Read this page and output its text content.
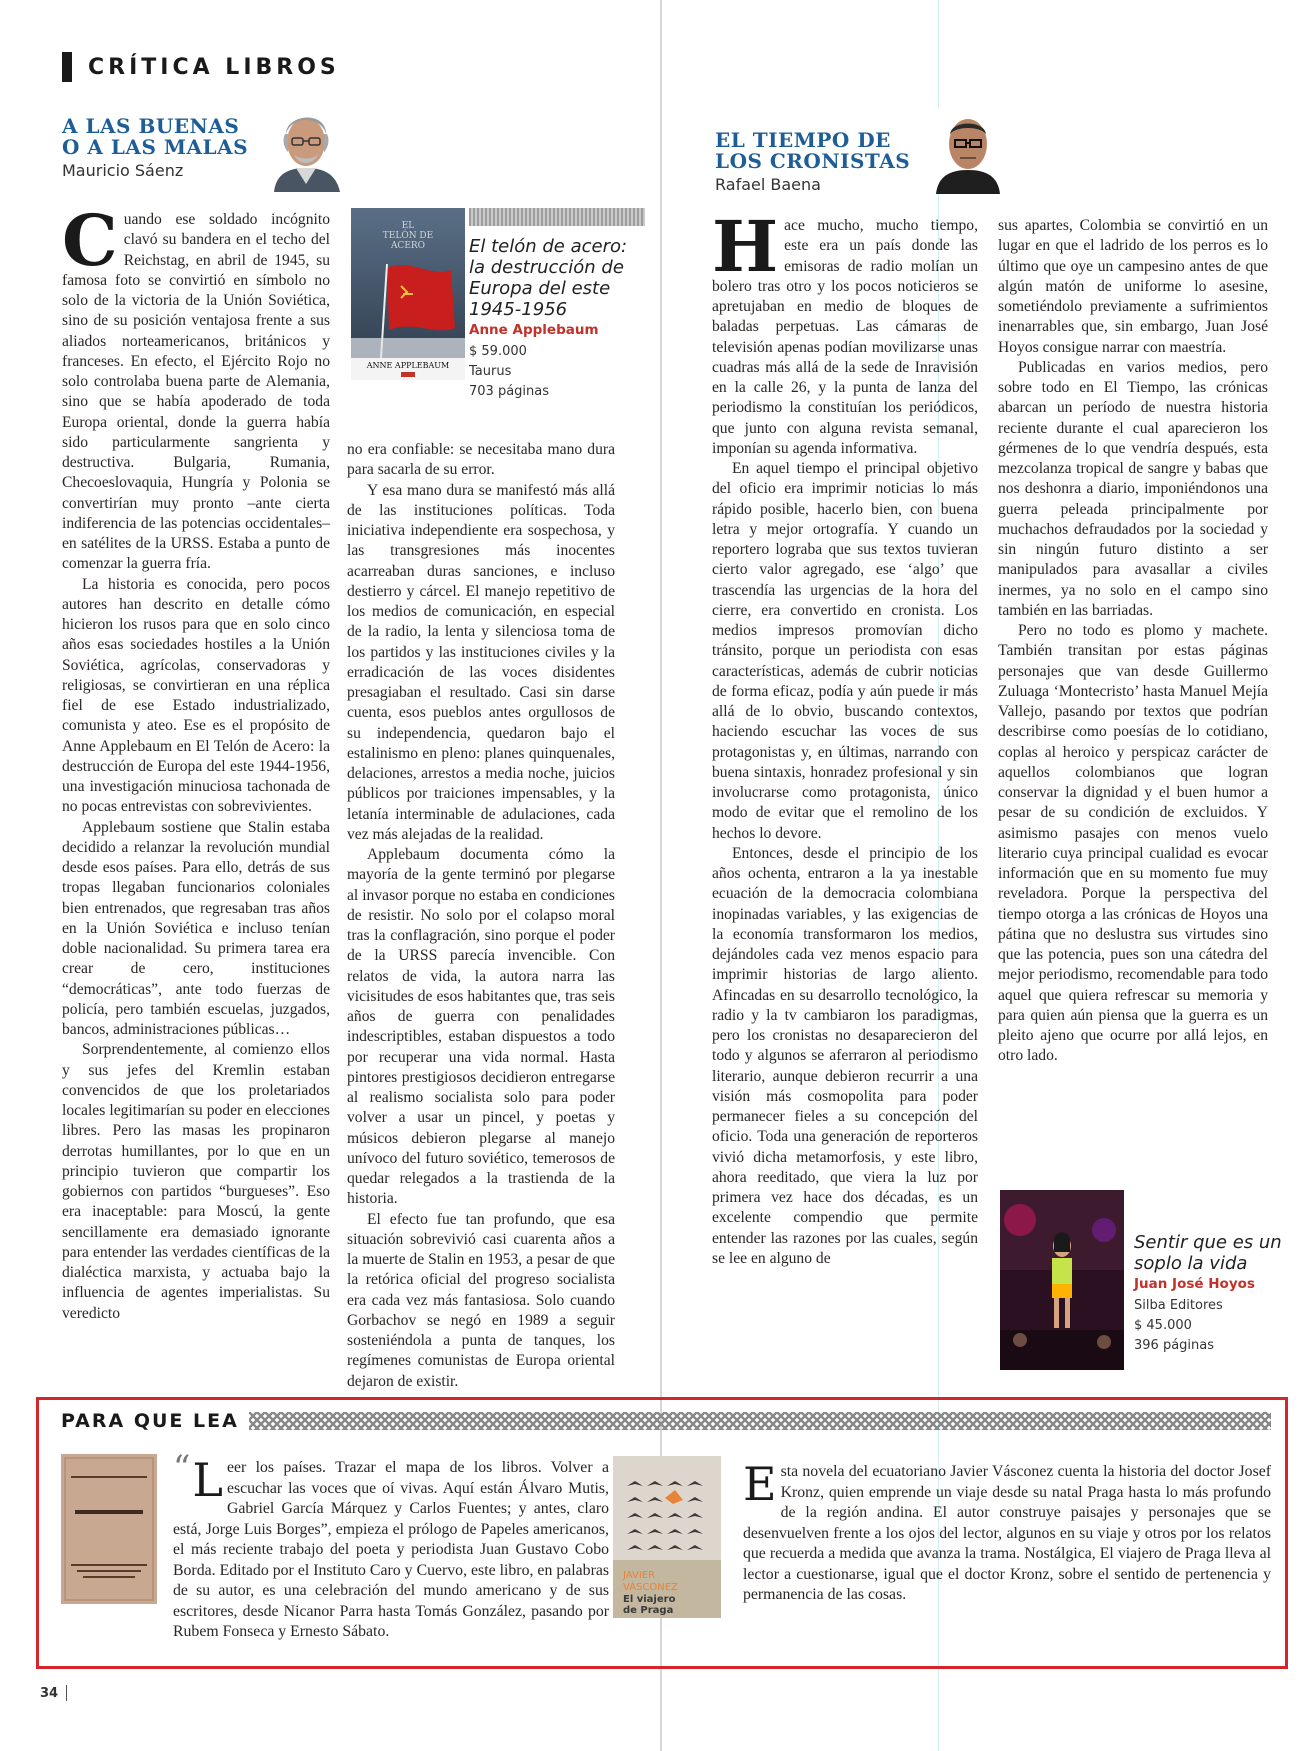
CRÍTICA LIBROS
A LAS BUENAS O A LAS MALAS
Mauricio Sáenz

Cuando ese soldado incógnito clavó su bandera en el techo del Reichstag, en abril de 1945, su famosa foto se convirtió en símbolo no solo de la victoria de la Unión Soviética, sino de su posición ventajosa frente a sus aliados norteamericanos, británicos y franceses. En efecto, el Ejército Rojo no solo controlaba buena parte de Alemania, sino que se había apoderado de toda Europa oriental, donde la guerra había sido particularmente sangrienta y destructiva. Bulgaria, Rumania, Checoeslovaquia, Hungría y Polonia se convertirían muy pronto –ante cierta indiferencia de las potencias occidentales– en satélites de la URSS. Estaba a punto de comenzar la guerra fría.

La historia es conocida, pero pocos autores han descrito en detalle cómo hicieron los rusos para que en solo cinco años esas sociedades hostiles a la Unión Soviética, agrícolas, conservadoras y religiosas, se convirtieran en una réplica fiel de ese Estado industrializado, comunista y ateo. Ese es el propósito de Anne Applebaum en El Telón de Acero: la destrucción de Europa del este 1944-1956, una investigación minuciosa tachonada de no pocas entrevistas con sobrevivientes.

Applebaum sostiene que Stalin estaba decidido a relanzar la revolución mundial desde esos países. Para ello, detrás de sus tropas llegaban funcionarios coloniales bien entrenados, que regresaban tras años en la Unión Soviética e incluso tenían doble nacionalidad. Su primera tarea era crear de cero, instituciones “democráticas”, ante todo fuerzas de policía, pero también escuelas, juzgados, bancos, administraciones públicas…

Sorprendentemente, al comienzo ellos y sus jefes del Kremlin estaban convencidos de que los proletariados locales legitimarían su poder en elecciones libres. Pero las masas les propinaron derrotas humillantes, por lo que en un principio tuvieron que compartir los gobiernos con partidos “burgueses”. Eso era inaceptable: para Moscú, la gente sencillamente era demasiado ignorante para entender las verdades científicas de la dialéctica marxista, y actuaba bajo la influencia de agentes imperialistas. Su veredicto

EL
TELÓN DE
ACERO
ANNE APPLEBAUM
El telón de acero: la destrucción de Europa del este 1945-1956
Anne Applebaum
$ 59.000
Taurus
703 páginas

no era confiable: se necesitaba mano dura para sacarla de su error.

Y esa mano dura se manifestó más allá de las instituciones políticas. Toda iniciativa independiente era sospechosa, y las transgresiones más inocentes acarreaban duras sanciones, e incluso destierro y cárcel. El manejo repetitivo de los medios de comunicación, en especial de la radio, la lenta y silenciosa toma de los partidos y las instituciones civiles y la erradicación de las voces disidentes presagiaban el resultado. Casi sin darse cuenta, esos pueblos antes orgullosos de su independencia, quedaron bajo el estalinismo en pleno: planes quinquenales, delaciones, arrestos a media noche, juicios públicos por traiciones impensables, y la letanía interminable de adulaciones, cada vez más alejadas de la realidad.

Applebaum documenta cómo la mayoría de la gente terminó por plegarse al invasor porque no estaba en condiciones de resistir. No solo por el colapso moral tras la conflagración, sino porque el poder de la URSS parecía invencible. Con relatos de vida, la autora narra las vicisitudes de esos habitantes que, tras seis años de guerra con penalidades indescriptibles, estaban dispuestos a todo por recuperar una vida normal. Hasta pintores prestigiosos decidieron entregarse al realismo socialista solo para poder volver a usar un pincel, y poetas y músicos debieron plegarse al manejo unívoco del futuro soviético, temerosos de quedar relegados a la trastienda de la historia.

El efecto fue tan profundo, que esa situación sobrevivió casi cuarenta años a la muerte de Stalin en 1953, a pesar de que la retórica oficial del progreso socialista era cada vez más fantasiosa. Solo cuando Gorbachov se negó en 1989 a seguir sosteniéndola a punta de tanques, los regímenes comunistas de Europa oriental dejaron de existir.

EL TIEMPO DE LOS CRONISTAS
Rafael Baena

Hace mucho, mucho tiempo, este era un país donde las emisoras de radio molían un bolero tras otro y los pocos noticieros se apretujaban en medio de bloques de baladas perpetuas. Las cámaras de televisión apenas podían movilizarse unas cuadras más allá de la sede de Inravisión en la calle 26, y la punta de lanza del periodismo la constituían los periódicos, que junto con alguna revista semanal, imponían su agenda informativa.

En aquel tiempo el principal objetivo del oficio era imprimir noticias lo más rápido posible, hacerlo bien, con buena letra y mejor ortografía. Y cuando un reportero lograba que sus textos tuvieran cierto valor agregado, ese ‘algo’ que trascendía las urgencias de la hora del cierre, era convertido en cronista. Los medios impresos promovían dicho tránsito, porque un periodista con esas características, además de cubrir noticias de forma eficaz, podía y aún puede ir más allá de lo obvio, buscando contextos, haciendo escuchar las voces de sus protagonistas y, en últimas, narrando con buena sintaxis, honradez profesional y sin involucrarse como protagonista, único modo de evitar que el remolino de los hechos lo devore.

Entonces, desde el principio de los años ochenta, entraron a la ya inestable ecuación de la democracia colombiana inopinadas variables, y las exigencias de la economía transformaron los medios, dejándoles cada vez menos espacio para imprimir historias de largo aliento. Afincadas en su desarrollo tecnológico, la radio y la tv cambiaron los paradigmas, pero los cronistas no desaparecieron del todo y algunos se aferraron al periodismo literario, aunque debieron recurrir a una visión más cosmopolita para poder permanecer fieles a su concepción del oficio. Toda una generación de reporteros vivió dicha metamorfosis, y este libro, ahora reeditado, que viera la luz por primera vez hace dos décadas, es un excelente compendio que permite entender las razones por las cuales, según se lee en alguno de

sus apartes, Colombia se convirtió en un lugar en que el ladrido de los perros es lo último que oye un campesino antes de que algún matón de uniforme lo asesine, sometiéndolo previamente a sufrimientos inenarrables que, sin embargo, Juan José Hoyos consigue narrar con maestría.

Publicadas en varios medios, pero sobre todo en El Tiempo, las crónicas abarcan un período de nuestra historia reciente durante el cual aparecieron los gérmenes de lo que vendría después, esta mezcolanza tropical de sangre y babas que nos deshonra a diario, imponiéndonos una guerra peleada principalmente por muchachos defraudados por la sociedad y sin ningún futuro distinto a ser manipulados para avasallar a civiles inermes, ya no solo en el campo sino también en las barriadas.

Pero no todo es plomo y machete. También transitan por estas páginas personajes que van desde Guillermo Zuluaga ‘Montecristo’ hasta Manuel Mejía Vallejo, pasando por textos que podrían describirse como poesías de lo cotidiano, coplas al heroico y perspicaz carácter de aquellos colombianos que logran conservar la dignidad y el buen humor a pesar de su condición de excluidos. Y asimismo pasajes con menos vuelo literario cuya principal cualidad es evocar información que en su momento fue muy reveladora. Porque la perspectiva del tiempo otorga a las crónicas de Hoyos una pátina que no deslustra sus virtudes sino que las potencia, pues son una cátedra del mejor periodismo, recomendable para todo aquel que quiera refrescar su memoria y para quien aún piensa que la guerra es un pleito ajeno que ocurre por allá lejos, en otro lado.

Sentir que es un soplo la vida
Juan José Hoyos
Silba Editores
$ 45.000
396 páginas
PARA QUE LEA
“ L eer los países. Trazar el mapa de los libros. Volver a escuchar las voces que oí vivas. Aquí están Álvaro Mutis, Gabriel García Márquez y Carlos Fuentes; y antes, claro está, Jorge Luis Borges”, empieza el prólogo de Papeles americanos, el más reciente trabajo del poeta y periodista Juan Gustavo Cobo Borda. Editado por el Instituto Caro y Cuervo, este libro, en palabras de su autor, es una celebración del mundo americano y de sus escritores, desde Nicanor Parra hasta Tomás González, pasando por Rubem Fonseca y Ernesto Sábato.
JAVIER
VÁSCONEZ
El viajero
de Praga
Esta novela del ecuatoriano Javier Vásconez cuenta la historia del doctor Josef Kronz, quien emprende un viaje desde su natal Praga hasta lo más profundo de la región andina. El autor construye paisajes y personajes que se desenvuelven frente a los ojos del lector, algunos en su viaje y otros por los relatos que recuerda a medida que avanza la trama. Nostálgica, El viajero de Praga lleva al lector a cuestionarse, igual que el doctor Kronz, sobre el sentido de pertenencia y permanencia de las cosas.
34
